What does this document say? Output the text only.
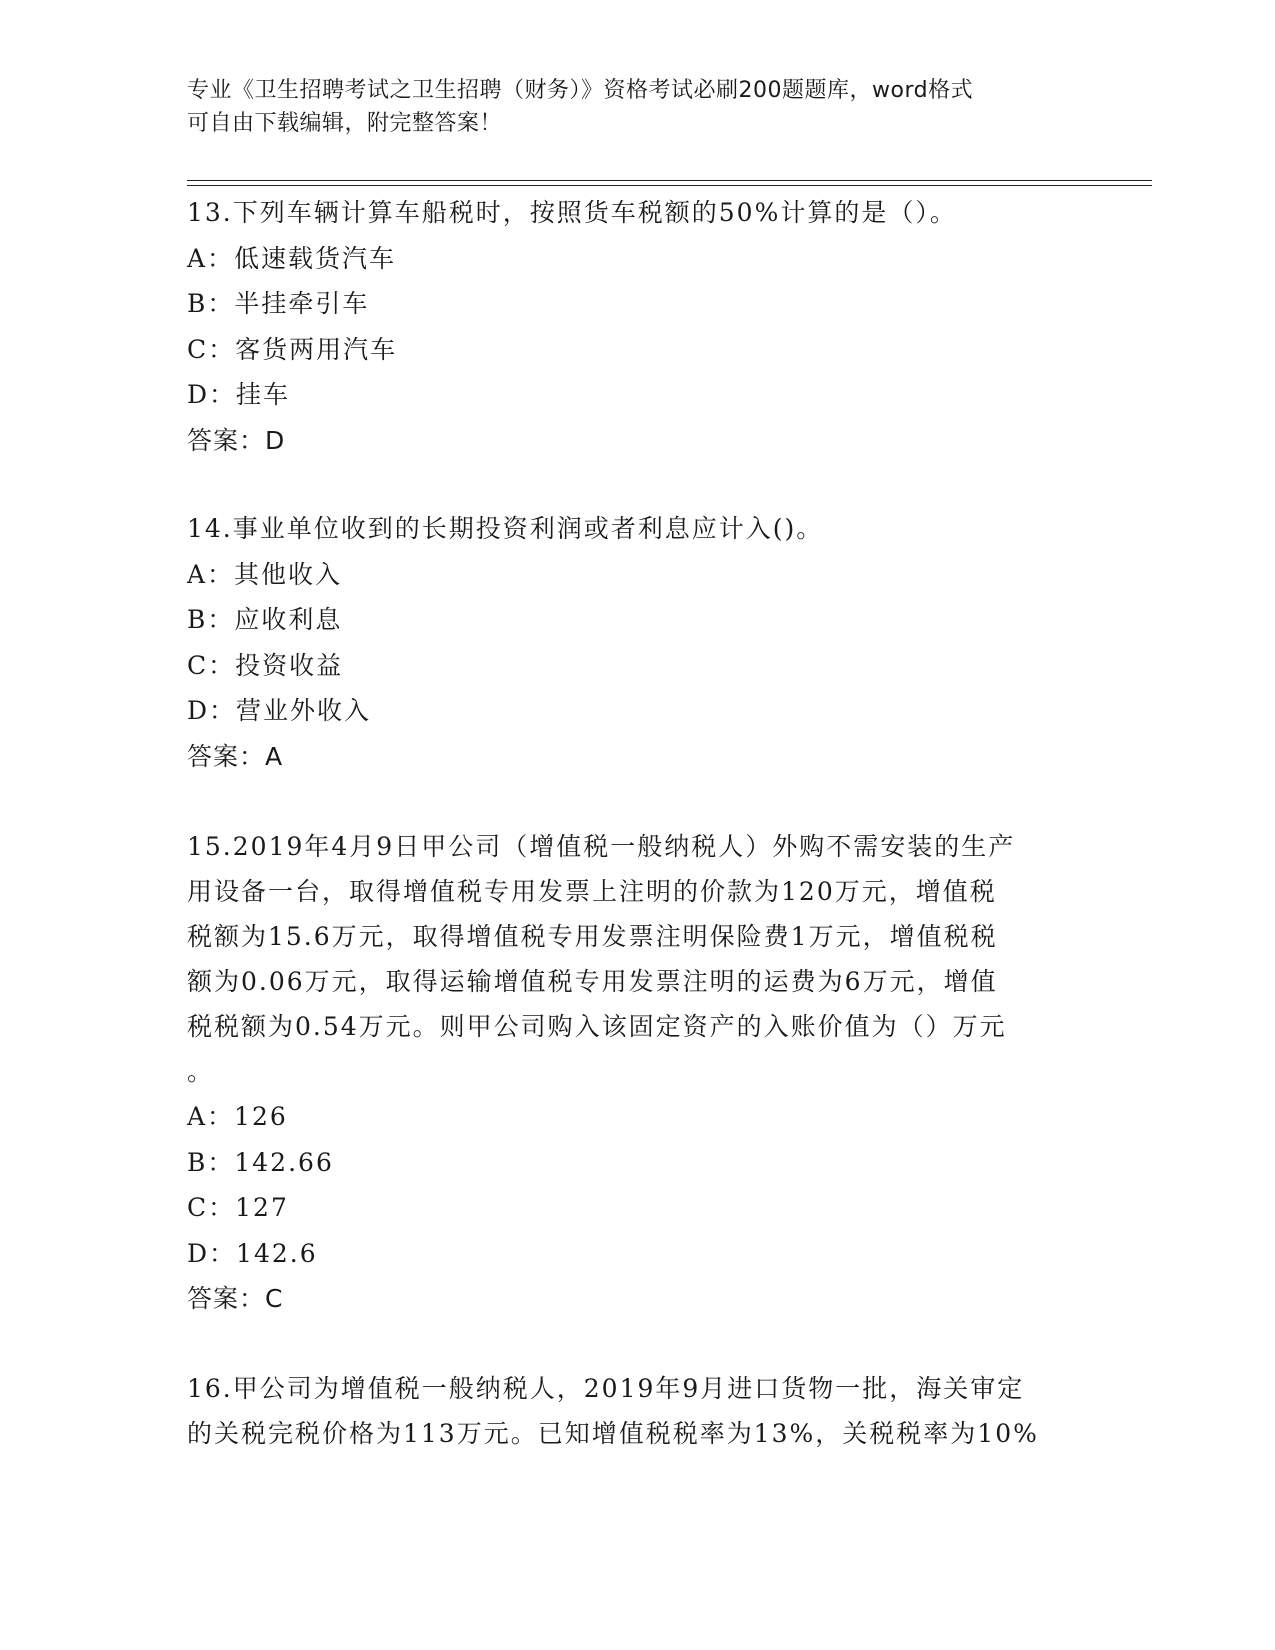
专业《卫生招聘考试之卫生招聘（财务）》资格考试必刷200题题库，word格式
可自由下载编辑，附完整答案！
13.下列车辆计算车船税时，按照货车税额的50%计算的是（）。
A：低速载货汽车
B：半挂牵引车
C：客货两用汽车
D：挂车
答案：D
14.事业单位收到的长期投资利润或者利息应计入()。
A：其他收入
B：应收利息
C：投资收益
D：营业外收入
答案：A
15.2019年4月9日甲公司（增值税一般纳税人）外购不需安装的生产
用设备一台，取得增值税专用发票上注明的价款为120万元，增值税
税额为15.6万元，取得增值税专用发票注明保险费1万元，增值税税
额为0.06万元，取得运输增值税专用发票注明的运费为6万元，增值
税税额为0.54万元。则甲公司购入该固定资产的入账价值为（）万元
。
A：126
B：142.66
C：127
D：142.6
答案：C
16.甲公司为增值税一般纳税人，2019年9月进口货物一批，海关审定
的关税完税价格为113万元。已知增值税税率为13%，关税税率为10%
